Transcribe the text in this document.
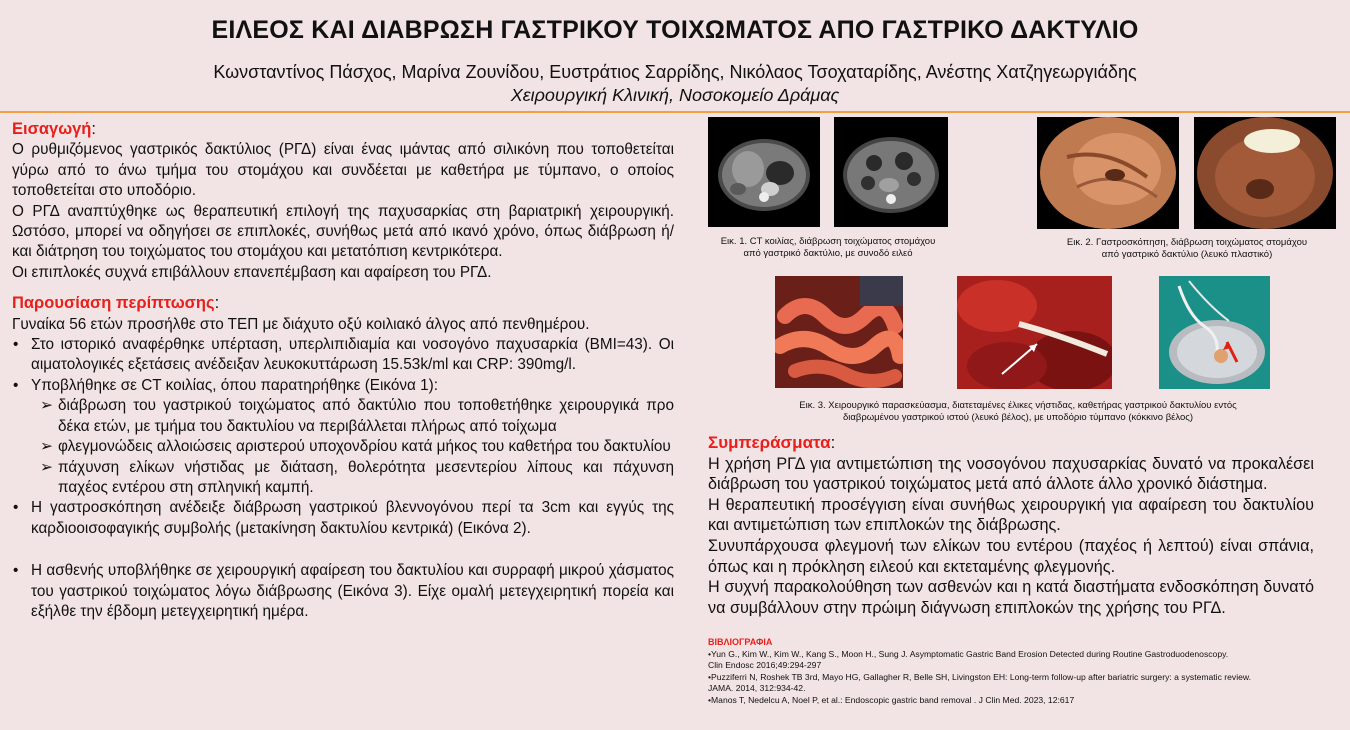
ΕΙΛΕΟΣ ΚΑΙ ΔΙΑΒΡΩΣΗ ΓΑΣΤΡΙΚΟΥ ΤΟΙΧΩΜΑΤΟΣ ΑΠΟ ΓΑΣΤΡΙΚΟ ΔΑΚΤΥΛΙΟ
Κωνσταντίνος Πάσχος, Μαρίνα Ζουνίδου, Ευστράτιος Σαρρίδης, Νικόλαος Τσοχαταρίδης, Ανέστης Χατζηγεωργιάδης
Χειρουργική Κλινική, Νοσοκομείο Δράμας
Εισαγωγή:

Ο ρυθμιζόμενος γαστρικός δακτύλιος (ΡΓΔ) είναι ένας ιμάντας από σιλικόνη που τοποθετείται γύρω από το άνω τμήμα του στομάχου και συνδέεται με καθετήρα με τύμπανο, ο οποίος τοποθετείται στο υποδόριο.

Ο ΡΓΔ αναπτύχθηκε ως θεραπευτική επιλογή της παχυσαρκίας στη βαριατρική χειρουργική. Ωστόσο, μπορεί να οδηγήσει σε επιπλοκές, συνήθως μετά από ικανό χρόνο, όπως διάβρωση ή/και διάτρηση του τοιχώματος του στομάχου και μετατόπιση κεντρικότερα.

Οι επιπλοκές συχνά επιβάλλουν επανεπέμβαση και αφαίρεση του ΡΓΔ.

Παρουσίαση περίπτωσης:

Γυναίκα 56 ετών προσήλθε στο ΤΕΠ με διάχυτο οξύ κοιλιακό άλγος από πενθημέρου.

• Στο ιστορικό αναφέρθηκε υπέρταση, υπερλιπιδιαμία και νοσογόνο παχυσαρκία (BMI=43). Οι αιματολογικές εξετάσεις ανέδειξαν λευκοκυττάρωση 15.53k/ml και CRP: 390mg/l.
• Υποβλήθηκε σε CT κοιλίας, όπου παρατηρήθηκε (Εικόνα 1):
➢ διάβρωση του γαστρικού τοιχώματος από δακτύλιο που τοποθετήθηκε χειρουργικά προ δέκα ετών, με τμήμα του δακτυλίου να περιβάλλεται πλήρως από τοίχωμα
➢ φλεγμονώδεις αλλοιώσεις αριστερού υποχονδρίου κατά μήκος του καθετήρα του δακτυλίου
➢ πάχυνση ελίκων νήστιδας με διάταση, θολερότητα μεσεντερίου λίπους και πάχυνση παχέος εντέρου στη σπληνική καμπή.
• Η γαστροσκόπηση ανέδειξε διάβρωση γαστρικού βλεννογόνου περί τα 3cm και εγγύς της καρδιοοισοφαγικής συμβολής (μετακίνηση δακτυλίου κεντρικά) (Εικόνα 2).
• Η ασθενής υποβλήθηκε σε χειρουργική αφαίρεση του δακτυλίου και συρραφή μικρού χάσματος του γαστρικού τοιχώματος λόγω διάβρωσης (Εικόνα 3). Είχε ομαλή μετεγχειρητική πορεία και εξήλθε την έβδομη μετεγχειρητική ημέρα.
Εικ. 1. CT κοιλίας, διάβρωση τοιχώματος στομάχου από γαστρικό δακτύλιο, με συνοδό ειλεό
Εικ. 2. Γαστροσκόπηση, διάβρωση τοιχώματος στομάχου από γαστρικό δακτύλιο (λευκό πλαστικό)
Εικ. 3. Χειρουργικό παρασκεύασμα, διατεταμένες έλικες νήστιδας, καθετήρας γαστρικού δακτυλίου εντός διαβρωμένου γαστρικού ιστού (λευκό βέλος), με υποδόριο τύμπανο (κόκκινο βέλος)
Συμπεράσματα:

Η χρήση ΡΓΔ για αντιμετώπιση της νοσογόνου παχυσαρκίας δυνατό να προκαλέσει διάβρωση του γαστρικού τοιχώματος μετά από άλλοτε άλλο χρονικό διάστημα.

Η θεραπευτική προσέγγιση είναι συνήθως χειρουργική για αφαίρεση του δακτυλίου και αντιμετώπιση των επιπλοκών της διάβρωσης.

Συνυπάρχουσα φλεγμονή των ελίκων του εντέρου (παχέος ή λεπτού) είναι σπάνια, όπως και η πρόκληση ειλεού και εκτεταμένης φλεγμονής.

Η συχνή παρακολούθηση των ασθενών και η κατά διαστήματα ενδοσκόπηση δυνατό να συμβάλλουν στην πρώιμη διάγνωση επιπλοκών της χρήσης του ΡΓΔ.

ΒΙΒΛΙΟΓΡΑΦΙΑ
•Yun G., Kim W., Kim W., Kang S., Moon H., Sung J. Asymptomatic Gastric Band Erosion Detected during Routine Gastroduodenoscopy.
Clin Endosc 2016;49:294-297
•Puzziferri N, Roshek TB 3rd, Mayo HG, Gallagher R, Belle SH, Livingston EH: Long-term follow-up after bariatric surgery: a systematic review.
JAMA. 2014, 312:934-42.
•Manos T, Nedelcu A, Noel P, et al.: Endoscopic gastric band removal . J Clin Med. 2023, 12:617
